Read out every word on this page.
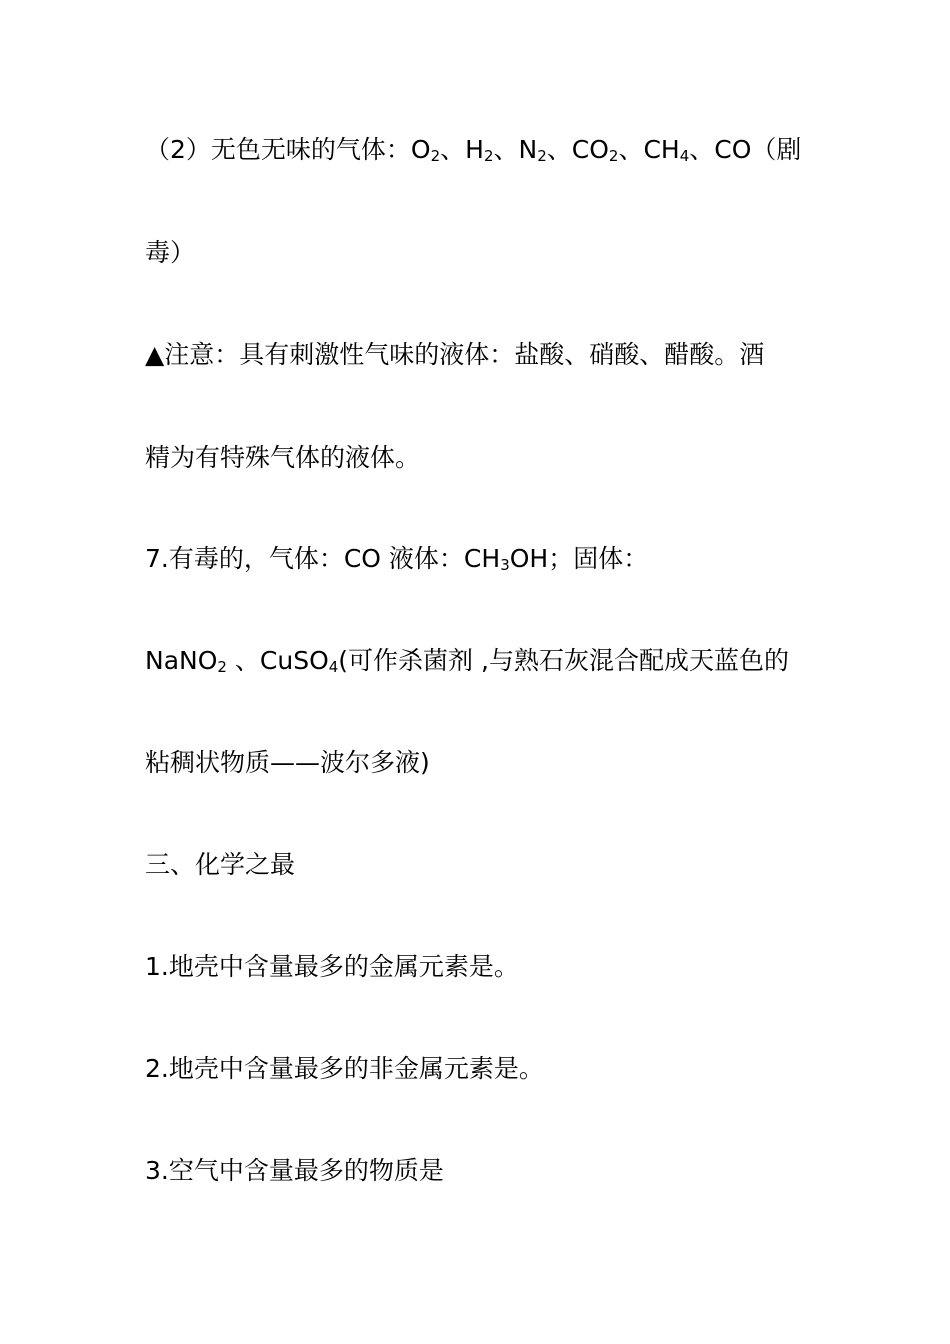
（2）无色无味的气体：$O_2$、$H_2$、$N_2$、$CO_2$、$CH_4$、CO（剧
毒）
▲注意：具有刺激性气味的液体：盐酸、硝酸、醋酸。酒
精为有特殊气体的液体。
7.有毒的，气体：CO 液体：$CH_3OH$；固体：
NaNO$_2$ 、CuSO$_4$(可作杀菌剂 ,与熟石灰混合配成天蓝色的
粘稠状物质——波尔多液)
三、化学之最
1.地壳中含量最多的金属元素是。
2.地壳中含量最多的非金属元素是。
3.空气中含量最多的物质是
